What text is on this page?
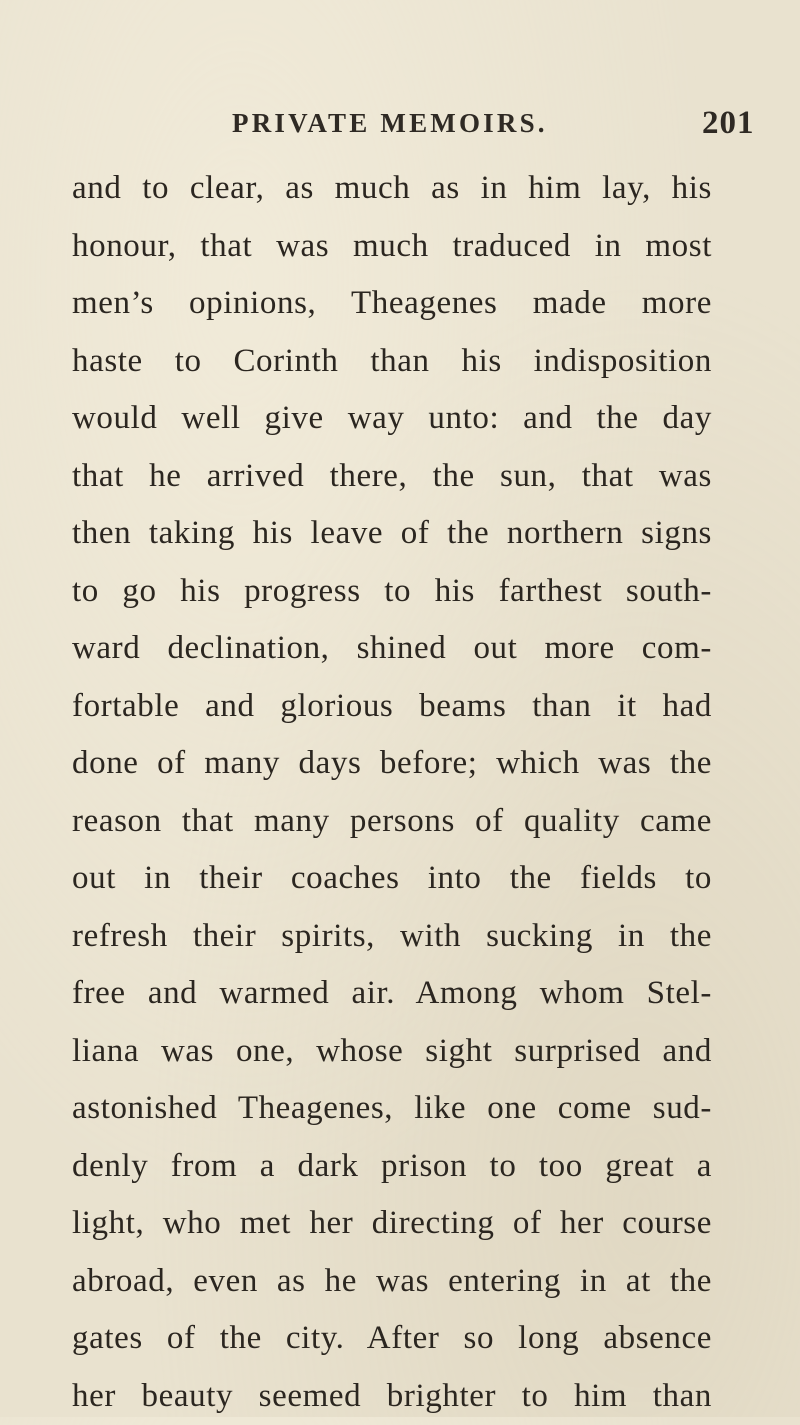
PRIVATE MEMOIRS.	201
and to clear, as much as in him lay, his
honour, that was much traduced in most
men’s opinions, Theagenes made more
haste to Corinth than his indisposition
would well give way unto: and the day
that he arrived there, the sun, that was
then taking his leave of the northern signs
to go his progress to his farthest south-
ward declination, shined out more com-
fortable and glorious beams than it had
done of many days before; which was the
reason that many persons of quality came
out in their coaches into the fields to
refresh their spirits, with sucking in the
free and warmed air. Among whom Stel-
liana was one, whose sight surprised and
astonished Theagenes, like one come sud-
denly from a dark prison to too great a
light, who met her directing of her course
abroad, even as he was entering in at the
gates of the city. After so long absence
her beauty seemed brighter to him than
